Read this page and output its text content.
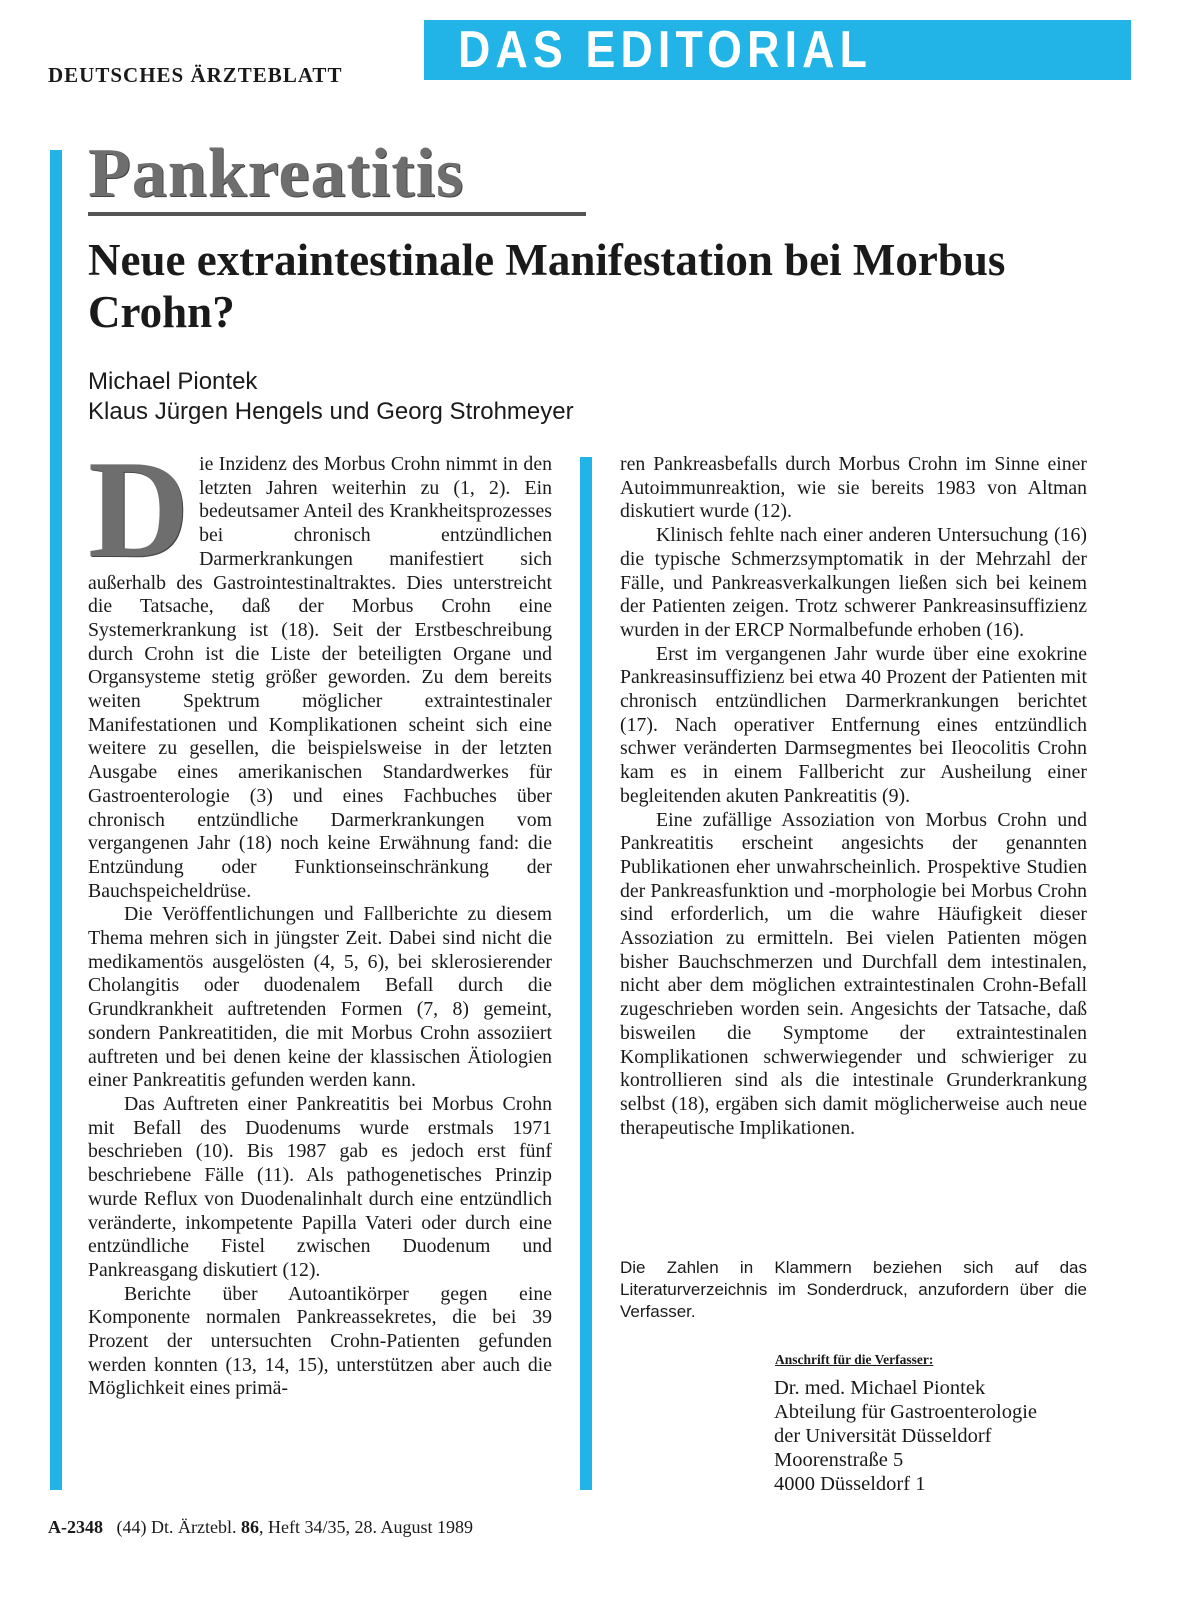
DEUTSCHES ÄRZTEBLATT DAS EDITORIAL
Pankreatitis
Neue extraintestinale Manifestation bei Morbus Crohn?
Michael Piontek
Klaus Jürgen Hengels und Georg Strohmeyer
D ie Inzidenz des Morbus Crohn nimmt in den letzten Jahren weiterhin zu (1, 2). Ein bedeutsamer Anteil des Krankheitsprozesses bei chronisch entzündlichen Darmerkrankungen manifestiert sich außerhalb des Gastrointestinaltraktes. Dies unterstreicht die Tatsache, daß der Morbus Crohn eine Systemerkrankung ist (18). Seit der Erstbeschreibung durch Crohn ist die Liste der beteiligten Organe und Organsysteme stetig größer geworden. Zu dem bereits weiten Spektrum möglicher extraintestinaler Manifestationen und Komplikationen scheint sich eine weitere zu gesellen, die beispielsweise in der letzten Ausgabe eines amerikanischen Standardwerkes für Gastroenterologie (3) und eines Fachbuches über chronisch entzündliche Darmerkrankungen vom vergangenen Jahr (18) noch keine Erwähnung fand: die Entzündung oder Funktionseinschränkung der Bauchspeicheldrüse.

Die Veröffentlichungen und Fallberichte zu diesem Thema mehren sich in jüngster Zeit. Dabei sind nicht die medikamentös ausgelösten (4, 5, 6), bei sklerosierender Cholangitis oder duodenalem Befall durch die Grundkrankheit auftretenden Formen (7, 8) gemeint, sondern Pankreatitiden, die mit Morbus Crohn assoziiert auftreten und bei denen keine der klassischen Ätiologien einer Pankreatitis gefunden werden kann.

Das Auftreten einer Pankreatitis bei Morbus Crohn mit Befall des Duodenums wurde erstmals 1971 beschrieben (10). Bis 1987 gab es jedoch erst fünf beschriebene Fälle (11). Als pathogenetisches Prinzip wurde Reflux von Duodenalinhalt durch eine entzündlich veränderte, inkompetente Papilla Vateri oder durch eine entzündliche Fistel zwischen Duodenum und Pankreasgang diskutiert (12).

Berichte über Autoantikörper gegen eine Komponente normalen Pankreassekretes, die bei 39 Prozent der untersuchten Crohn-Patienten gefunden werden konnten (13, 14, 15), unterstützen aber auch die Möglichkeit eines primä-

ren Pankreasbefalls durch Morbus Crohn im Sinne einer Autoimmunreaktion, wie sie bereits 1983 von Altman diskutiert wurde (12).

Klinisch fehlte nach einer anderen Untersuchung (16) die typische Schmerzsymptomatik in der Mehrzahl der Fälle, und Pankreasverkalkungen ließen sich bei keinem der Patienten zeigen. Trotz schwerer Pankreasinsuffizienz wurden in der ERCP Normalbefunde erhoben (16).

Erst im vergangenen Jahr wurde über eine exokrine Pankreasinsuffizienz bei etwa 40 Prozent der Patienten mit chronisch entzündlichen Darmerkrankungen berichtet (17). Nach operativer Entfernung eines entzündlich schwer veränderten Darmsegmentes bei Ileocolitis Crohn kam es in einem Fallbericht zur Ausheilung einer begleitenden akuten Pankreatitis (9).

Eine zufällige Assoziation von Morbus Crohn und Pankreatitis erscheint angesichts der genannten Publikationen eher unwahrscheinlich. Prospektive Studien der Pankreasfunktion und -morphologie bei Morbus Crohn sind erforderlich, um die wahre Häufigkeit dieser Assoziation zu ermitteln. Bei vielen Patienten mögen bisher Bauchschmerzen und Durchfall dem intestinalen, nicht aber dem möglichen extraintestinalen Crohn-Befall zugeschrieben worden sein. Angesichts der Tatsache, daß bisweilen die Symptome der extraintestinalen Komplikationen schwerwiegender und schwieriger zu kontrollieren sind als die intestinale Grunderkrankung selbst (18), ergäben sich damit möglicherweise auch neue therapeutische Implikationen.

Die Zahlen in Klammern beziehen sich auf das Literaturverzeichnis im Sonderdruck, anzufordern über die Verfasser.
Anschrift für die Verfasser:
Dr. med. Michael Piontek
Abteilung für Gastroenterologie
der Universität Düsseldorf
Moorenstraße 5
4000 Düsseldorf 1
A-2348 (44) Dt. Ärztebl. 86, Heft 34/35, 28. August 1989
